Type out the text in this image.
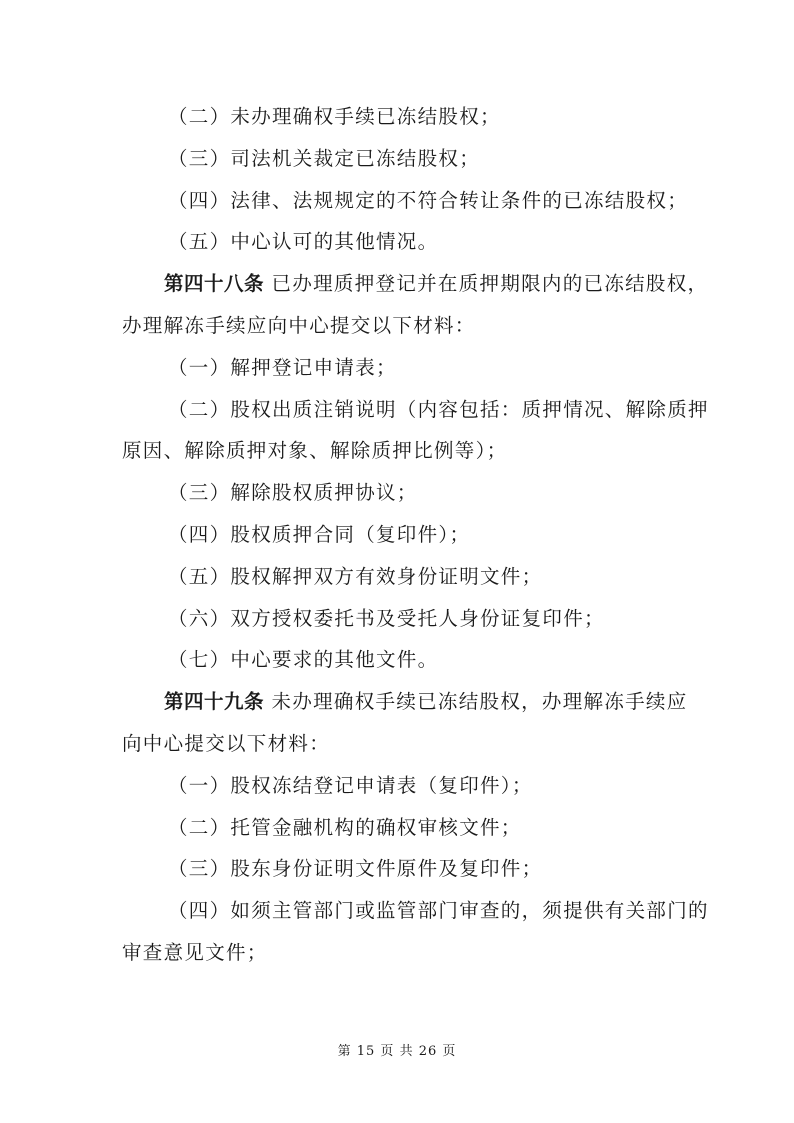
（二）未办理确权手续已冻结股权；
（三）司法机关裁定已冻结股权；
（四）法律、法规规定的不符合转让条件的已冻结股权；
（五）中心认可的其他情况。
第四十八条 已办理质押登记并在质押期限内的已冻结股权，
办理解冻手续应向中心提交以下材料：
（一）解押登记申请表；
（二）股权出质注销说明（内容包括：质押情况、解除质押
原因、解除质押对象、解除质押比例等）；
（三）解除股权质押协议；
（四）股权质押合同（复印件）；
（五）股权解押双方有效身份证明文件；
（六）双方授权委托书及受托人身份证复印件；
（七）中心要求的其他文件。
第四十九条 未办理确权手续已冻结股权，办理解冻手续应
向中心提交以下材料：
（一）股权冻结登记申请表（复印件）；
（二）托管金融机构的确权审核文件；
（三）股东身份证明文件原件及复印件；
（四）如须主管部门或监管部门审查的，须提供有关部门的
审查意见文件；
第 15 页 共 26 页
